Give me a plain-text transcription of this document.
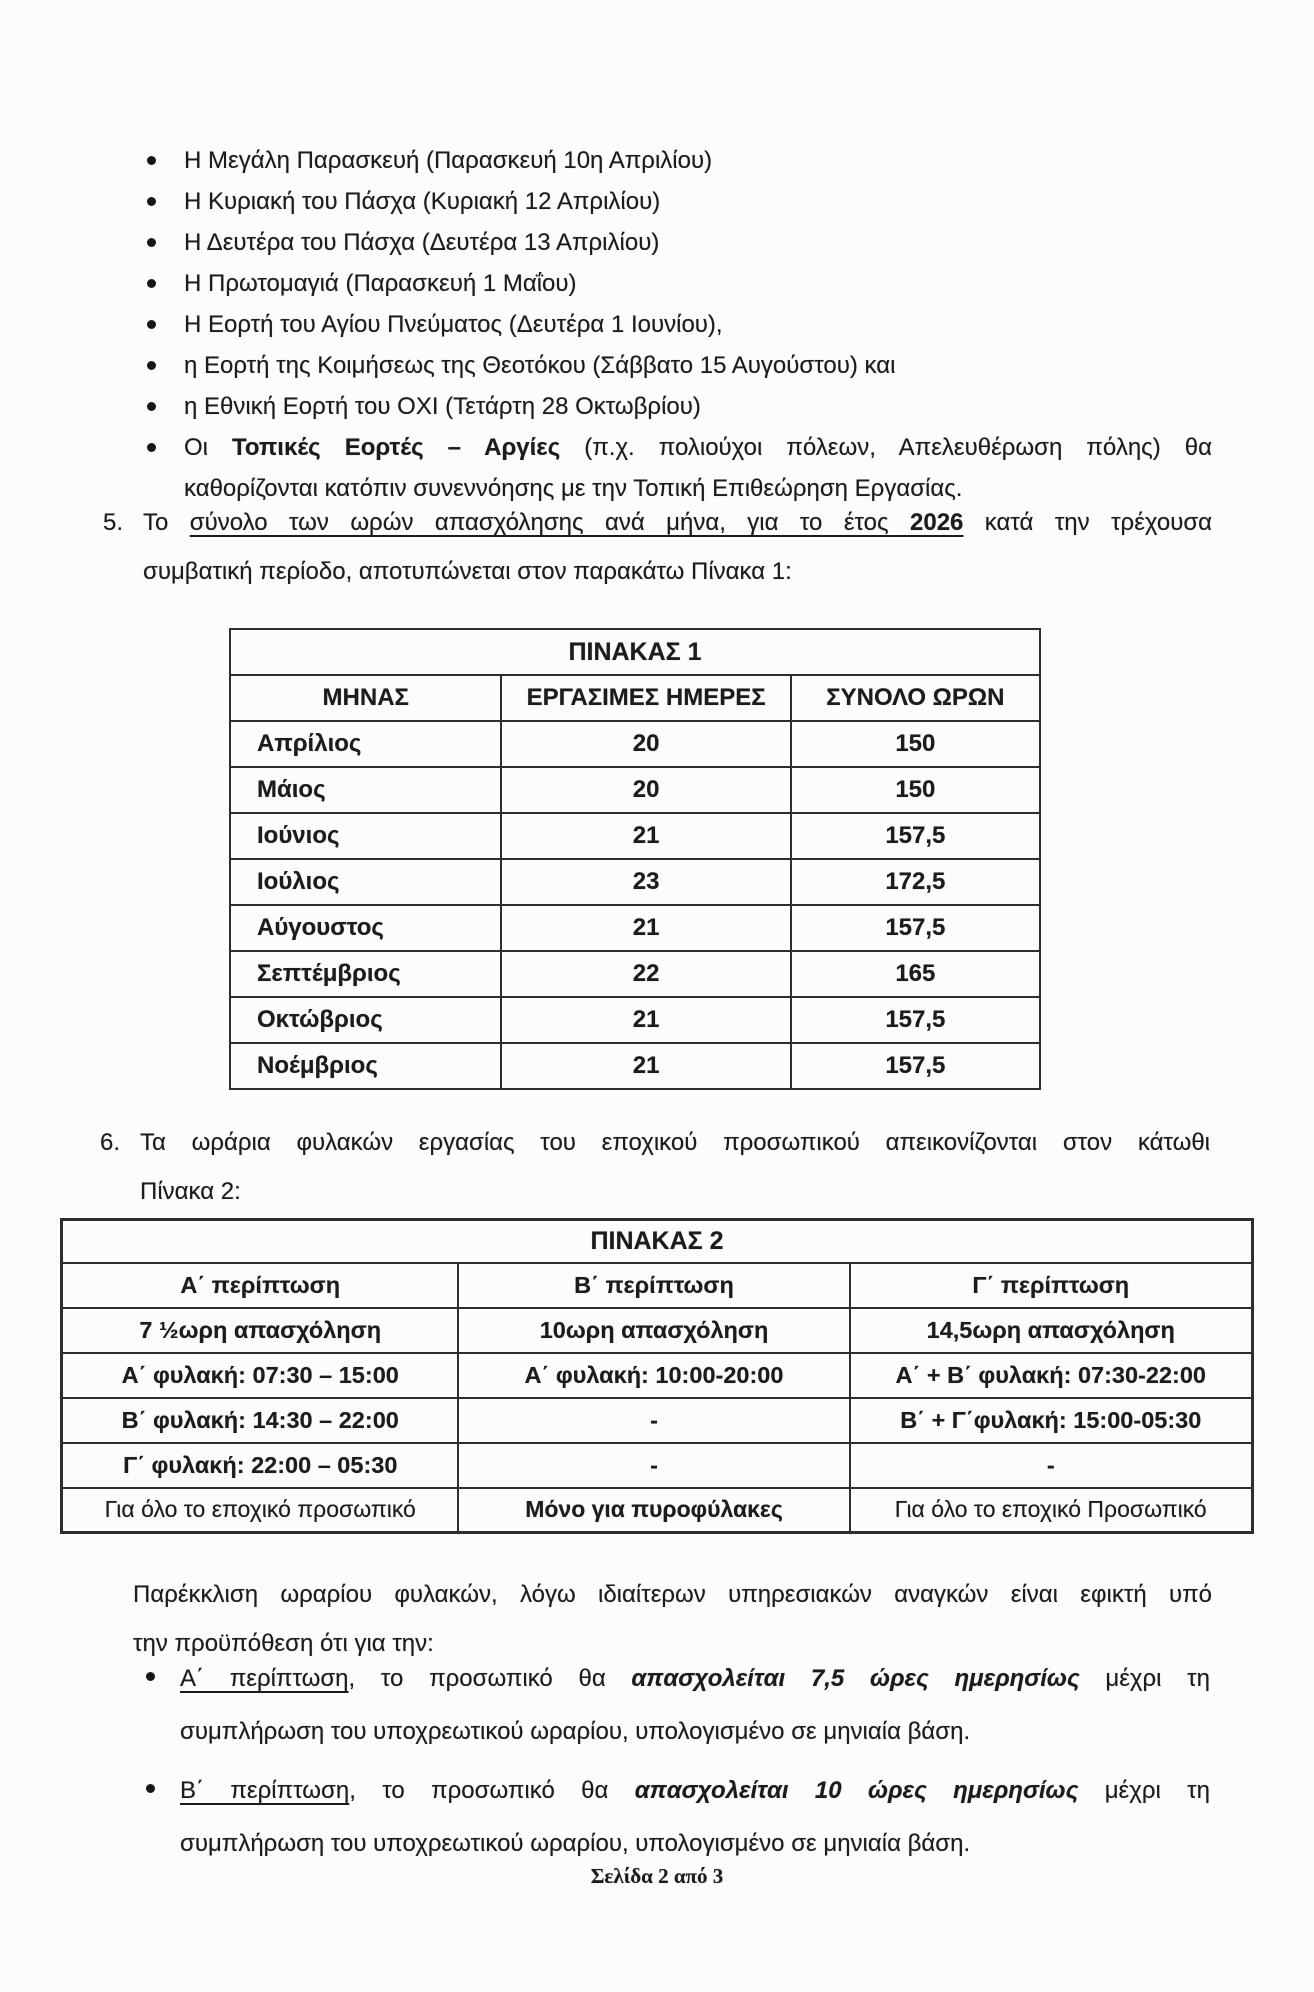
Η Μεγάλη Παρασκευή (Παρασκευή 10η Απριλίου)
Η Κυριακή του Πάσχα (Κυριακή 12 Απριλίου)
Η Δευτέρα του Πάσχα (Δευτέρα 13 Απριλίου)
Η Πρωτομαγιά (Παρασκευή 1 Μαΐου)
Η Εορτή του Αγίου Πνεύματος (Δευτέρα 1 Ιουνίου),
η Εορτή της Κοιμήσεως της Θεοτόκου (Σάββατο 15 Αυγούστου) και
η Εθνική Εορτή του ΟΧΙ (Τετάρτη 28 Οκτωβρίου)
Οι Τοπικές Εορτές – Αργίες (π.χ. πολιούχοι πόλεων, Απελευθέρωση πόλης) θα
καθορίζονται κατόπιν συνεννόησης με την Τοπική Επιθεώρηση Εργασίας.
5. Το σύνολο των ωρών απασχόλησης ανά μήνα, για το έτος 2026 κατά την τρέχουσα
συμβατική περίοδο, αποτυπώνεται στον παρακάτω Πίνακα 1:
ΠΙΝΑΚΑΣ 1		
ΜΗΝΑΣ	ΕΡΓΑΣΙΜΕΣ ΗΜΕΡΕΣ	ΣΥΝΟΛΟ ΩΡΩΝ
Απρίλιος	20	150
Μάιος	20	150
Ιούνιος	21	157,5
Ιούλιος	23	172,5
Αύγουστος	21	157,5
Σεπτέμβριος	22	165
Οκτώβριος	21	157,5
Νοέμβριος	21	157,5
6. Τα ωράρια φυλακών εργασίας του εποχικού προσωπικού απεικονίζονται στον κάτωθι
Πίνακα 2:
ΠΙΝΑΚΑΣ 2		
Α΄ περίπτωση	Β΄ περίπτωση	Γ΄ περίπτωση
7 ½ωρη απασχόληση	10ωρη απασχόληση	14,5ωρη απασχόληση
Α΄ φυλακή: 07:30 – 15:00	Α΄ φυλακή: 10:00-20:00	Α΄ + Β΄ φυλακή: 07:30-22:00
Β΄ φυλακή: 14:30 – 22:00	-	Β΄ + Γ΄φυλακή: 15:00-05:30
Γ΄ φυλακή: 22:00 – 05:30	-	-
Για όλο το εποχικό προσωπικό	Μόνο για πυροφύλακες	Για όλο το εποχικό Προσωπικό
Παρέκκλιση ωραρίου φυλακών, λόγω ιδιαίτερων υπηρεσιακών αναγκών είναι εφικτή υπό
την προϋπόθεση ότι για την:
Α΄ περίπτωση, το προσωπικό θα απασχολείται 7,5 ώρες ημερησίως μέχρι τη
συμπλήρωση του υποχρεωτικού ωραρίου, υπολογισμένο σε μηνιαία βάση.
Β΄ περίπτωση, το προσωπικό θα απασχολείται 10 ώρες ημερησίως μέχρι τη
συμπλήρωση του υποχρεωτικού ωραρίου, υπολογισμένο σε μηνιαία βάση.
Σελίδα 2 από 3
